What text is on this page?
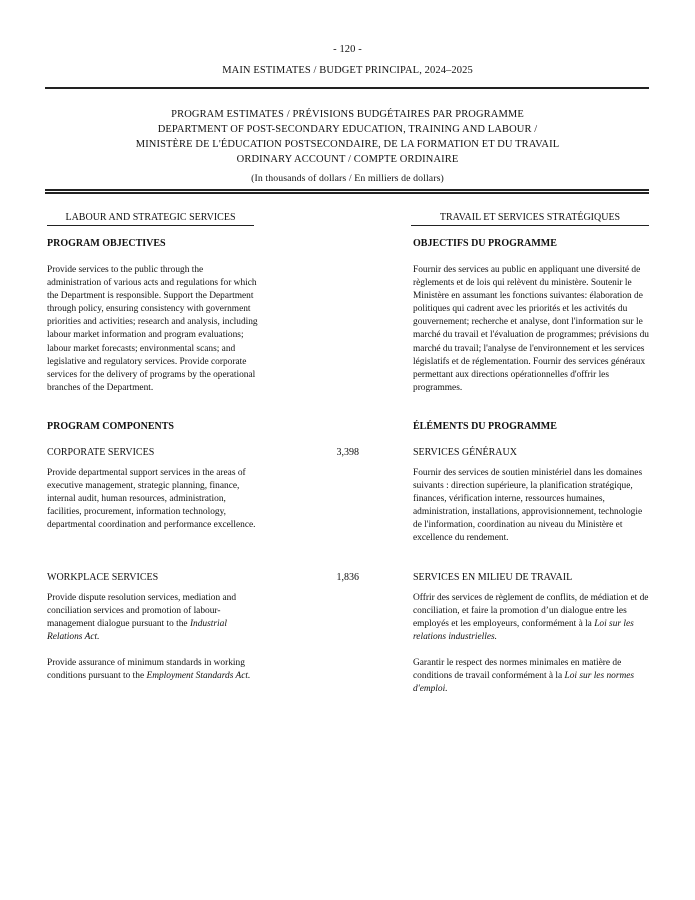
- 120 -
MAIN ESTIMATES / BUDGET PRINCIPAL, 2024–2025
PROGRAM ESTIMATES / PRÉVISIONS BUDGÉTAIRES PAR PROGRAMME
DEPARTMENT OF POST-SECONDARY EDUCATION, TRAINING AND LABOUR /
MINISTÈRE DE L'ÉDUCATION POSTSECONDAIRE, DE LA FORMATION ET DU TRAVAIL
ORDINARY ACCOUNT / COMPTE ORDINAIRE
(In thousands of dollars / En milliers de dollars)
LABOUR AND STRATEGIC SERVICES	TRAVAIL ET SERVICES STRATÉGIQUES
PROGRAM OBJECTIVES	OBJECTIFS DU PROGRAMME

Provide services to the public through the administration of various acts and regulations for which the Department is responsible. Support the Department through policy, ensuring consistency with government priorities and activities; research and analysis, including labour market information and program evaluations; labour market forecasts; environmental scans; and legislative and regulatory services. Provide corporate services for the delivery of programs by the operational branches of the Department.

Fournir des services au public en appliquant une diversité de règlements et de lois qui relèvent du ministère. Soutenir le Ministère en assumant les fonctions suivantes: élaboration de politiques qui cadrent avec les priorités et les activités du gouvernement; recherche et analyse, dont l'information sur le marché du travail et l'évaluation de programmes; prévisions du marché du travail; l'analyse de l'environnement et les services législatifs et de réglementation. Fournir des services généraux permettant aux directions opérationnelles d'offrir les programmes.

PROGRAM COMPONENTS	ÉLÉMENTS DU PROGRAMME
CORPORATE SERVICES	3,398	SERVICES GÉNÉRAUX

Provide departmental support services in the areas of executive management, strategic planning, finance, internal audit, human resources, administration, facilities, procurement, information technology, departmental coordination and performance excellence.

Fournir des services de soutien ministériel dans les domaines suivants : direction supérieure, la planification stratégique, finances, vérification interne, ressources humaines, administration, installations, approvisionnement, technologie de l'information, coordination au niveau du Ministère et excellence du rendement.

WORKPLACE SERVICES	1,836	SERVICES EN MILIEU DE TRAVAIL

Provide dispute resolution services, mediation and conciliation services and promotion of labour-management dialogue pursuant to the Industrial Relations Act.

Offrir des services de règlement de conflits, de médiation et de conciliation, et faire la promotion d’un dialogue entre les employés et les employeurs, conformément à la Loi sur les relations industrielles.

Provide assurance of minimum standards in working conditions pursuant to the Employment Standards Act.

Garantir le respect des normes minimales en matière de conditions de travail conformément à la Loi sur les normes d'emploi.
